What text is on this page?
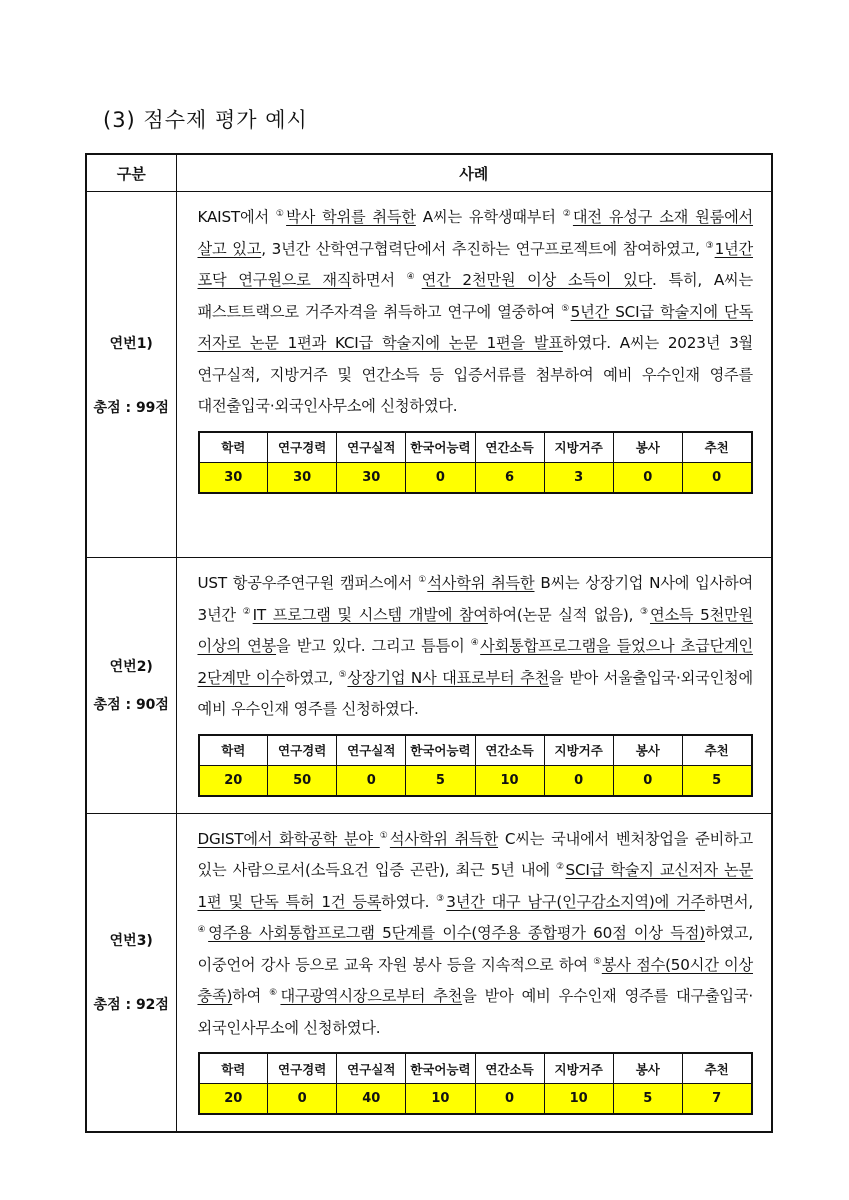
(3) 점수제 평가 예시
구분	사례

연번1)
총점 : 99점

KAIST에서 ①박사 학위를 취득한 A씨는 유학생때부터 ②대전 유성구 소재 원룸에서 살고 있고, 3년간 산학연구협력단에서 추진하는 연구프로젝트에 참여하였고, ③1년간 포닥 연구원으로 재직하면서 ④연간 2천만원 이상 소득이 있다. 특히, A씨는 패스트트랙으로 거주자격을 취득하고 연구에 열중하여 ⑤5년간 SCI급 학술지에 단독 저자로 논문 1편과 KCI급 학술지에 논문 1편을 발표하였다. A씨는 2023년 3월 연구실적, 지방거주 및 연간소득 등 입증서류를 첨부하여 예비 우수인재 영주를 대전출입국·외국인사무소에 신청하였다.
학력	연구경력	연구실적	한국어능력	연간소득	지방거주	봉사	추천
30	30	30	0	6	3	0	0

연번2)
총점 : 90점

UST 항공우주연구원 캠퍼스에서 ①석사학위 취득한 B씨는 상장기업 N사에 입사하여 3년간 ②IT 프로그램 및 시스템 개발에 참여하여(논문 실적 없음), ③연소득 5천만원 이상의 연봉을 받고 있다. 그리고 틈틈이 ④사회통합프로그램을 들었으나 초급단계인 2단계만 이수하였고, ⑤상장기업 N사 대표로부터 추천을 받아 서울출입국·외국인청에 예비 우수인재 영주를 신청하였다.
학력	연구경력	연구실적	한국어능력	연간소득	지방거주	봉사	추천
20	50	0	5	10	0	0	5

연번3)
총점 : 92점

DGIST에서 화학공학 분야 ①석사학위 취득한 C씨는 국내에서 벤처창업을 준비하고 있는 사람으로서(소득요건 입증 곤란), 최근 5년 내에 ②SCI급 학술지 교신저자 논문 1편 및 단독 특허 1건 등록하였다. ③3년간 대구 남구(인구감소지역)에 거주하면서, ④영주용 사회통합프로그램 5단계를 이수(영주용 종합평가 60점 이상 득점)하였고, 이중언어 강사 등으로 교육 자원 봉사 등을 지속적으로 하여 ⑤봉사 점수(50시간 이상 충족)하여 ⑥대구광역시장으로부터 추천을 받아 예비 우수인재 영주를 대구출입국·외국인사무소에 신청하였다.
학력	연구경력	연구실적	한국어능력	연간소득	지방거주	봉사	추천
20	0	40	10	0	10	5	7
